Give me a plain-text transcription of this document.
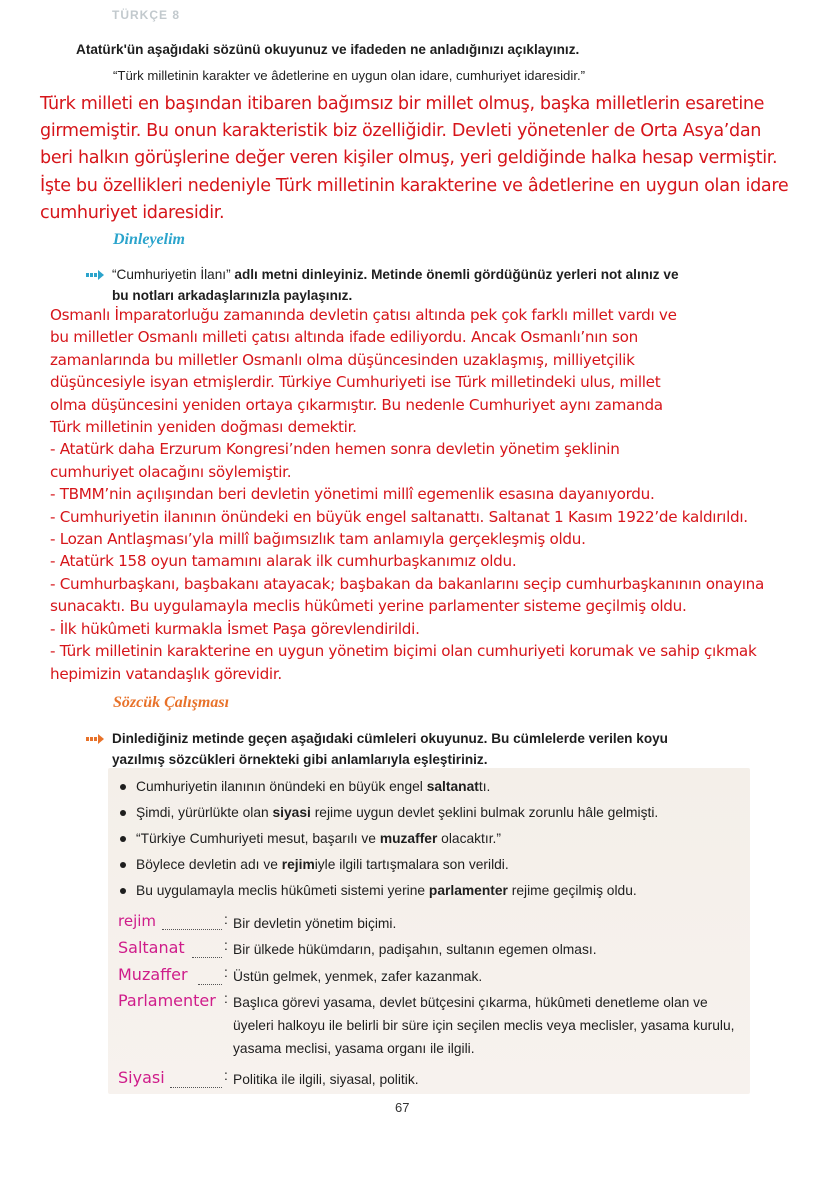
TÜRKÇE 8
Atatürk'ün aşağıdaki sözünü okuyunuz ve ifadeden ne anladığınızı açıklayınız.
“Türk milletinin karakter ve âdetlerine en uygun olan idare, cumhuriyet idaresidir.”
Türk milleti en başından itibaren bağımsız bir millet olmuş, başka milletlerin esaretine
girmemiştir. Bu onun karakteristik biz özelliğidir. Devleti yönetenler de Orta Asya’dan
beri halkın görüşlerine değer veren kişiler olmuş, yeri geldiğinde halka hesap vermiştir.
İşte bu özellikleri nedeniyle Türk milletinin karakterine ve âdetlerine en uygun olan idare
cumhuriyet idaresidir.
Dinleyelim
“Cumhuriyetin İlanı” adlı metni dinleyiniz. Metinde önemli gördüğünüz yerleri not alınız ve
bu notları arkadaşlarınızla paylaşınız.
Osmanlı İmparatorluğu zamanında devletin çatısı altında pek çok farklı millet vardı ve
bu milletler Osmanlı milleti çatısı altında ifade ediliyordu. Ancak Osmanlı’nın son
zamanlarında bu milletler Osmanlı olma düşüncesinden uzaklaşmış, milliyetçilik
düşüncesiyle isyan etmişlerdir. Türkiye Cumhuriyeti ise Türk milletindeki ulus, millet
olma düşüncesini yeniden ortaya çıkarmıştır. Bu nedenle Cumhuriyet aynı zamanda
Türk milletinin yeniden doğması demektir.
- Atatürk daha Erzurum Kongresi’nden hemen sonra devletin yönetim şeklinin
cumhuriyet olacağını söylemiştir.
- TBMM’nin açılışından beri devletin yönetimi millî egemenlik esasına dayanıyordu.
- Cumhuriyetin ilanının önündeki en büyük engel saltanattı. Saltanat 1 Kasım 1922’de kaldırıldı.
- Lozan Antlaşması’yla millî bağımsızlık tam anlamıyla gerçekleşmiş oldu.
- Atatürk 158 oyun tamamını alarak ilk cumhurbaşkanımız oldu.
- Cumhurbaşkanı, başbakanı atayacak; başbakan da bakanlarını seçip cumhurbaşkanının onayına
sunacaktı. Bu uygulamayla meclis hükûmeti yerine parlamenter sisteme geçilmiş oldu.
- İlk hükûmeti kurmakla İsmet Paşa görevlendirildi.
- Türk milletinin karakterine en uygun yönetim biçimi olan cumhuriyeti korumak ve sahip çıkmak
hepimizin vatandaşlık görevidir.
Sözcük Çalışması
Dinlediğiniz metinde geçen aşağıdaki cümleleri okuyunuz. Bu cümlelerde verilen koyu
yazılmış sözcükleri örnekteki gibi anlamlarıyla eşleştiriniz.
Cumhuriyetin ilanının önündeki en büyük engel saltanattı.
Şimdi, yürürlükte olan siyasi rejime uygun devlet şeklini bulmak zorunlu hâle gelmişti.
“Türkiye Cumhuriyeti mesut, başarılı ve muzaffer olacaktır.”
Böylece devletin adı ve rejimiyle ilgili tartışmalara son verildi.
Bu uygulamayla meclis hükûmeti sistemi yerine parlamenter rejime geçilmiş oldu.
rejim	: Bir devletin yönetim biçimi.
Saltanat	: Bir ülkede hükümdarın, padişahın, sultanın egemen olması.
Muzaffer	: Üstün gelmek, yenmek, zafer kazanmak.
Parlamenter : Başlıca görevi yasama, devlet bütçesini çıkarma, hükûmeti denetleme olan ve üyeleri halkoyu ile belirli bir süre için seçilen meclis veya meclisler, yasama kurulu, yasama meclisi, yasama organı ile ilgili.
Siyasi	: Politika ile ilgili, siyasal, politik.
67
